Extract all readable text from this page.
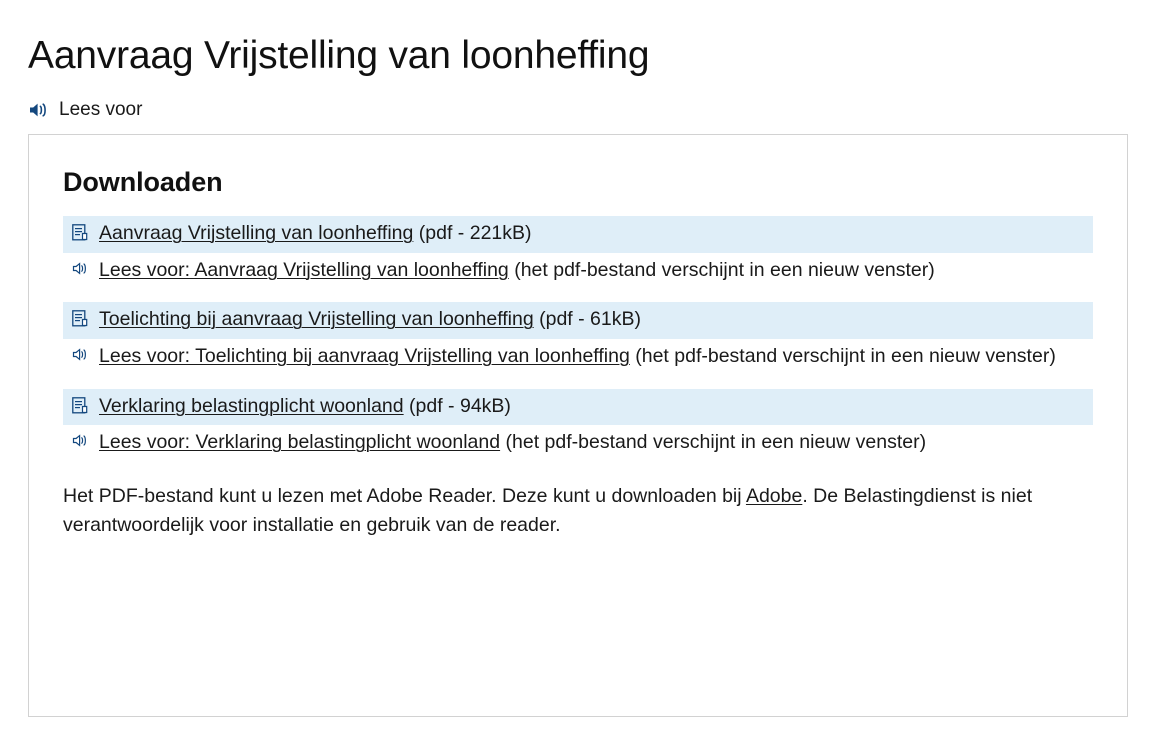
Aanvraag Vrijstelling van loonheffing
Lees voor
Downloaden
Aanvraag Vrijstelling van loonheffing (pdf - 221kB)
Lees voor: Aanvraag Vrijstelling van loonheffing (het pdf-bestand verschijnt in een nieuw venster)
Toelichting bij aanvraag Vrijstelling van loonheffing (pdf - 61kB)
Lees voor: Toelichting bij aanvraag Vrijstelling van loonheffing (het pdf-bestand verschijnt in een nieuw venster)
Verklaring belastingplicht woonland (pdf - 94kB)
Lees voor: Verklaring belastingplicht woonland (het pdf-bestand verschijnt in een nieuw venster)

Het PDF-bestand kunt u lezen met Adobe Reader. Deze kunt u downloaden bij Adobe. De Belastingdienst is niet verantwoordelijk voor installatie en gebruik van de reader.
